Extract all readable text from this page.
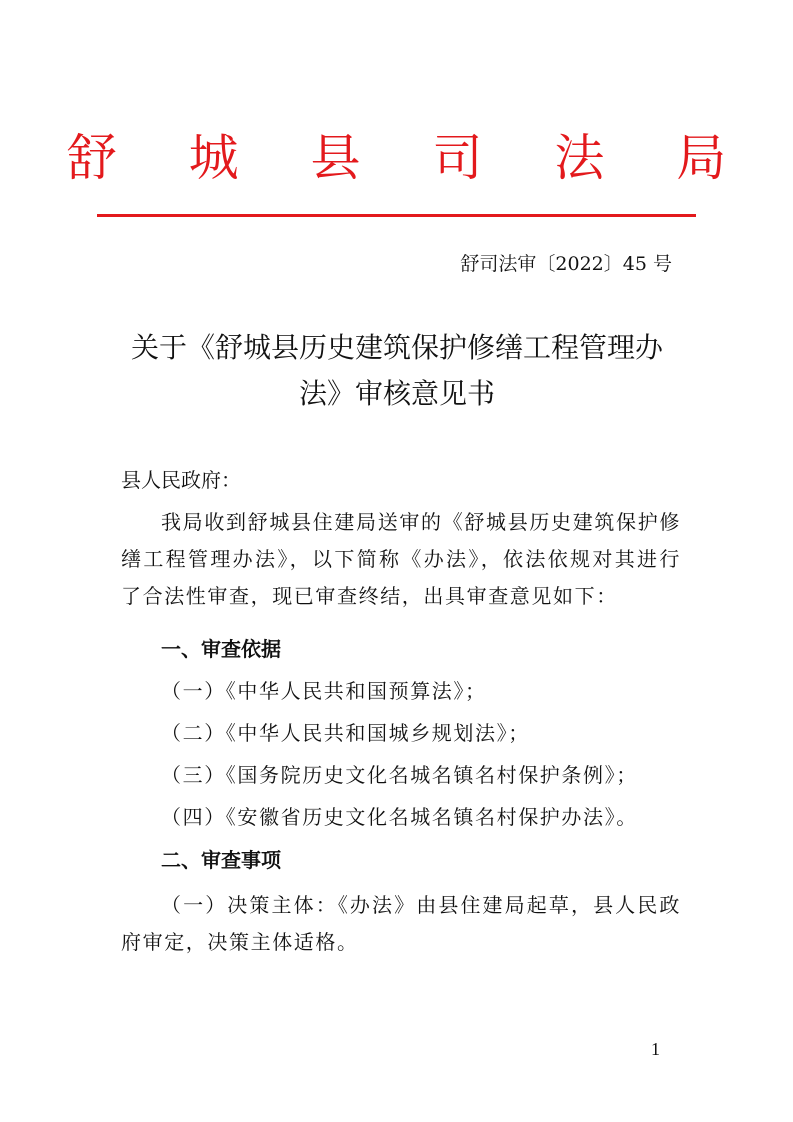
舒 城 县 司 法 局
舒司法审〔2022〕45 号
关于《舒城县历史建筑保护修缮工程管理办
法》审核意见书
县人民政府：
我局收到舒城县住建局送审的《舒城县历史建筑保护修缮工程管理办法》，以下简称《办法》，依法依规对其进行了合法性审查，现已审查终结，出具审查意见如下：
一、审查依据
（一）《中华人民共和国预算法》；
（二）《中华人民共和国城乡规划法》；
（三）《国务院历史文化名城名镇名村保护条例》；
（四）《安徽省历史文化名城名镇名村保护办法》。
二、审查事项
（一）决策主体：《办法》由县住建局起草，县人民政府审定，决策主体适格。
1
